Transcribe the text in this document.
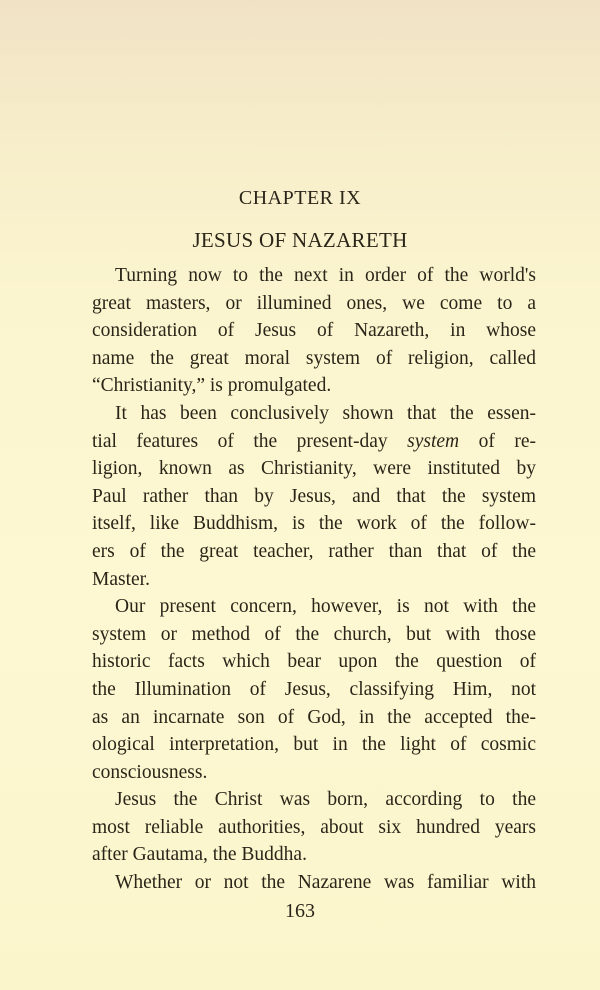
CHAPTER IX
JESUS OF NAZARETH
Turning now to the next in order of the world's
great masters, or illumined ones, we come to a
consideration of Jesus of Nazareth, in whose
name the great moral system of religion, called
“Christianity,” is promulgated.
It has been conclusively shown that the essen-
tial features of the present-day system of re-
ligion, known as Christianity, were instituted by
Paul rather than by Jesus, and that the system
itself, like Buddhism, is the work of the follow-
ers of the great teacher, rather than that of the
Master.
Our present concern, however, is not with the
system or method of the church, but with those
historic facts which bear upon the question of
the Illumination of Jesus, classifying Him, not
as an incarnate son of God, in the accepted the-
ological interpretation, but in the light of cosmic
consciousness.
Jesus the Christ was born, according to the
most reliable authorities, about six hundred years
after Gautama, the Buddha.
Whether or not the Nazarene was familiar with
163
